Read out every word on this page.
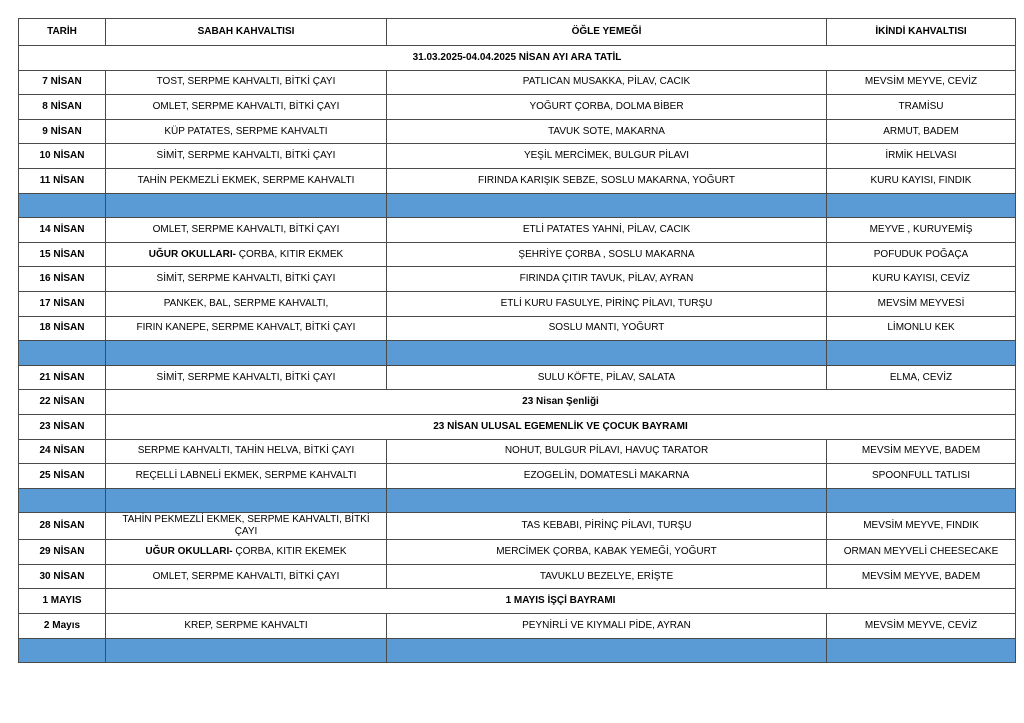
TARİH	SABAH KAHVALTISI	ÖĞLE YEMEĞİ	İKİNDİ KAHVALTISI
31.03.2025-04.04.2025 NİSAN AYI ARA TATİL			
7 NİSAN	TOST, SERPME KAHVALTI, BİTKİ ÇAYI	PATLICAN MUSAKKA, PİLAV, CACIK	MEVSİM MEYVE, CEVİZ
8 NİSAN	OMLET, SERPME KAHVALTI, BİTKİ ÇAYI	YOĞURT ÇORBA, DOLMA BİBER	TRAMİSU
9 NİSAN	KÜP PATATES, SERPME KAHVALTI	TAVUK SOTE, MAKARNA	ARMUT, BADEM
10 NİSAN	SİMİT, SERPME KAHVALTI, BİTKİ ÇAYI	YEŞİL MERCİMEK, BULGUR PİLAVI	İRMİK HELVASI
11 NİSAN	TAHİN PEKMEZLİ EKMEK, SERPME KAHVALTI	FIRINDA KARIŞIK SEBZE, SOSLU MAKARNA, YOĞURT	KURU KAYISI, FINDIK

14 NİSAN	OMLET, SERPME KAHVALTI, BİTKİ ÇAYI	ETLİ PATATES YAHNİ, PİLAV, CACIK	MEYVE , KURUYEMİŞ
15 NİSAN	UĞUR OKULLARI- ÇORBA, KITIR EKMEK	ŞEHRİYE ÇORBA , SOSLU MAKARNA	POFUDUK POĞAÇA
16 NİSAN	SİMİT, SERPME KAHVALTI, BİTKİ ÇAYI	FIRINDA ÇITIR TAVUK, PİLAV, AYRAN	KURU KAYISI, CEVİZ
17 NİSAN	PANKEK, BAL, SERPME KAHVALTI,	ETLİ KURU FASULYE, PİRİNÇ PİLAVI, TURŞU	MEVSİM MEYVESİ
18 NİSAN	FIRIN KANEPE, SERPME KAHVALT, BİTKİ ÇAYI	SOSLU MANTI, YOĞURT	LİMONLU KEK

21 NİSAN	SİMİT, SERPME KAHVALTI, BİTKİ ÇAYI	SULU KÖFTE, PİLAV, SALATA	ELMA, CEVİZ
22 NİSAN	23 Nisan Şenliği		
23 NİSAN	23 NİSAN ULUSAL EGEMENLİK VE ÇOCUK BAYRAMI		
24 NİSAN	SERPME KAHVALTI, TAHİN HELVA, BİTKİ ÇAYI	NOHUT, BULGUR PİLAVI, HAVUÇ TARATOR	MEVSİM MEYVE, BADEM
25 NİSAN	REÇELLİ LABNELİ EKMEK, SERPME KAHVALTI	EZOGELİN, DOMATESLİ MAKARNA	SPOONFULL TATLISI

28 NİSAN	TAHİN PEKMEZLİ EKMEK, SERPME KAHVALTI, BİTKİ ÇAYI	TAS KEBABI, PİRİNÇ PİLAVI, TURŞU	MEVSİM MEYVE, FINDIK
29 NİSAN	UĞUR OKULLARI- ÇORBA, KITIR EKEMEK	MERCİMEK ÇORBA, KABAK YEMEĞİ, YOĞURT	ORMAN MEYVELİ CHEESECAKE
30 NİSAN	OMLET, SERPME KAHVALTI, BİTKİ ÇAYI	TAVUKLU BEZELYE, ERİŞTE	MEVSİM MEYVE, BADEM
1 MAYIS	1 MAYIS İŞÇİ BAYRAMI		
2 Mayıs	KREP, SERPME KAHVALTI	PEYNİRLİ VE KIYMALI PİDE, AYRAN	MEVSİM MEYVE, CEVİZ
